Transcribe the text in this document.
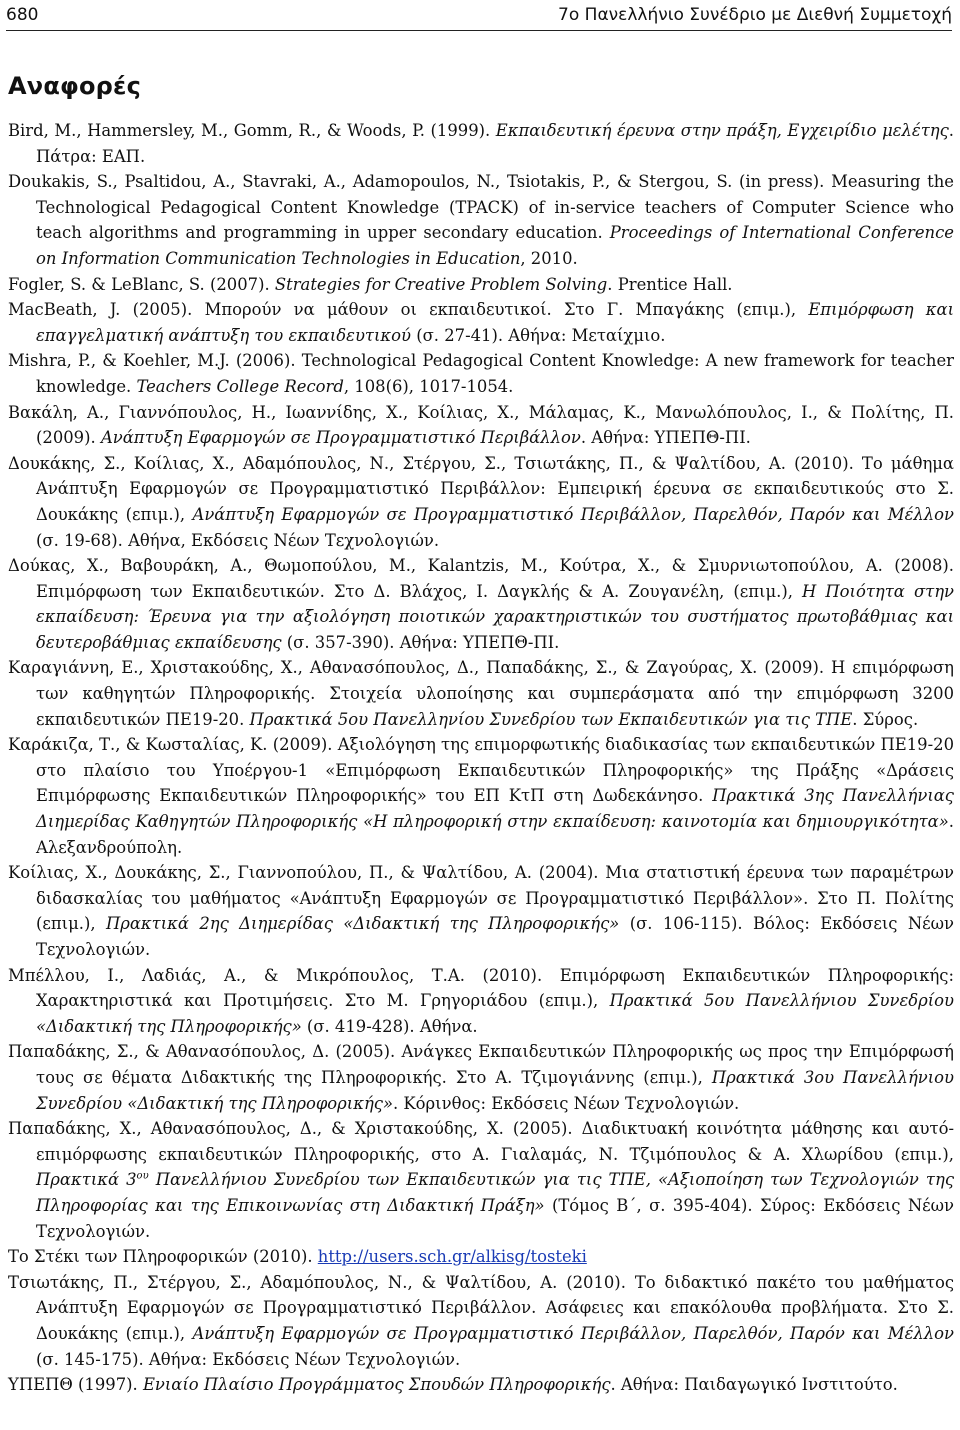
680	7ο Πανελλήνιο Συνέδριο με Διεθνή Συμμετοχή
Αναφορές

Bird, M., Hammersley, M., Gomm, R., & Woods, P. (1999). Εκπαιδευτική έρευνα στην πράξη, Εγχειρίδιο μελέτης. Πάτρα: ΕΑΠ.

Doukakis, S., Psaltidou, A., Stavraki, A., Adamopoulos, N., Tsiotakis, P., & Stergou, S. (in press). Measuring the Technological Pedagogical Content Knowledge (TPACK) of in-service teachers of Computer Science who teach algorithms and programming in upper secondary education. Proceedings of International Conference on Information Communication Technologies in Education, 2010.

Fogler, S. & LeBlanc, S. (2007). Strategies for Creative Problem Solving. Prentice Hall.

MacBeath, J. (2005). Μπορούν να μάθουν οι εκπαιδευτικοί. Στο Γ. Μπαγάκης (επιμ.), Επιμόρφωση και επαγγελματική ανάπτυξη του εκπαιδευτικού (σ. 27-41). Αθήνα: Μεταίχμιο.

Mishra, P., & Koehler, M.J. (2006). Technological Pedagogical Content Knowledge: A new framework for teacher knowledge. Teachers College Record, 108(6), 1017-1054.

Βακάλη, Α., Γιαννόπουλος, Η., Ιωαννίδης, Χ., Κοίλιας, Χ., Μάλαμας, Κ., Μανωλόπουλος, Ι., & Πολίτης, Π. (2009). Ανάπτυξη Εφαρμογών σε Προγραμματιστικό Περιβάλλον. Αθήνα: ΥΠΕΠΘ-ΠΙ.

Δουκάκης, Σ., Κοίλιας, Χ., Αδαμόπουλος, Ν., Στέργου, Σ., Τσιωτάκης, Π., & Ψαλτίδου, Α. (2010). Το μάθημα Ανάπτυξη Εφαρμογών σε Προγραμματιστικό Περιβάλλον: Εμπειρική έρευνα σε εκπαιδευτικούς στο Σ. Δουκάκης (επιμ.), Ανάπτυξη Εφαρμογών σε Προγραμματιστικό Περιβάλλον, Παρελθόν, Παρόν και Μέλλον (σ. 19-68). Αθήνα, Εκδόσεις Νέων Τεχνολογιών.

Δούκας, Χ., Βαβουράκη, Α., Θωμοπούλου, Μ., Kalantzis, M., Κούτρα, Χ., & Σμυρνιωτοπούλου, Α. (2008). Επιμόρφωση των Εκπαιδευτικών. Στο Δ. Βλάχος, Ι. Δαγκλής & Α. Ζουγανέλη, (επιμ.), Η Ποιότητα στην εκπαίδευση: Έρευνα για την αξιολόγηση ποιοτικών χαρακτηριστικών του συστήματος πρωτοβάθμιας και δευτεροβάθμιας εκπαίδευσης (σ. 357-390). Αθήνα: ΥΠΕΠΘ-ΠΙ.

Καραγιάννη, Ε., Χριστακούδης, Χ., Αθανασόπουλος, Δ., Παπαδάκης, Σ., & Ζαγούρας, Χ. (2009). Η επιμόρφωση των καθηγητών Πληροφορικής. Στοιχεία υλοποίησης και συμπεράσματα από την επιμόρφωση 3200 εκπαιδευτικών ΠΕ19-20. Πρακτικά 5ου Πανελληνίου Συνεδρίου των Εκπαιδευτικών για τις ΤΠΕ. Σύρος.

Καράκιζα, Τ., & Κωσταλίας, Κ. (2009). Αξιολόγηση της επιμορφωτικής διαδικασίας των εκπαιδευτικών ΠΕ19-20 στο πλαίσιο του Υποέργου-1 «Επιμόρφωση Εκπαιδευτικών Πληροφορικής» της Πράξης «Δράσεις Επιμόρφωσης Εκπαιδευτικών Πληροφορικής» του ΕΠ ΚτΠ στη Δωδεκάνησο. Πρακτικά 3ης Πανελλήνιας Διημερίδας Καθηγητών Πληροφορικής «Η πληροφορική στην εκπαίδευση: καινοτομία και δημιουργικότητα». Αλεξανδρούπολη.

Κοίλιας, Χ., Δουκάκης, Σ., Γιαννοπούλου, Π., & Ψαλτίδου, Α. (2004). Μια στατιστική έρευνα των παραμέτρων διδασκαλίας του μαθήματος «Ανάπτυξη Εφαρμογών σε Προγραμματιστικό Περιβάλλον». Στο Π. Πολίτης (επιμ.), Πρακτικά 2ης Διημερίδας «Διδακτική της Πληροφορικής» (σ. 106-115). Βόλος: Εκδόσεις Νέων Τεχνολογιών.

Μπέλλου, Ι., Λαδιάς, Α., & Μικρόπουλος, Τ.Α. (2010). Επιμόρφωση Εκπαιδευτικών Πληροφορικής: Χαρακτηριστικά και Προτιμήσεις. Στο Μ. Γρηγοριάδου (επιμ.), Πρακτικά 5ου Πανελλήνιου Συνεδρίου «Διδακτική της Πληροφορικής» (σ. 419-428). Αθήνα.

Παπαδάκης, Σ., & Αθανασόπουλος, Δ. (2005). Ανάγκες Εκπαιδευτικών Πληροφορικής ως προς την Επιμόρφωσή τους σε θέματα Διδακτικής της Πληροφορικής. Στο Α. Τζιμογιάννης (επιμ.), Πρακτικά 3ου Πανελλήνιου Συνεδρίου «Διδακτική της Πληροφορικής». Κόρινθος: Εκδόσεις Νέων Τεχνολογιών.

Παπαδάκης, Χ., Αθανασόπουλος, Δ., & Χριστακούδης, Χ. (2005). Διαδικτυακή κοινότητα μάθησης και αυτό-επιμόρφωσης εκπαιδευτικών Πληροφορικής, στο Α. Γιαλαμάς, Ν. Τζιμόπουλος & Α. Χλωρίδου (επιμ.), Πρακτικά $3^{o\upsilon}$ Πανελλήνιου Συνεδρίου των Εκπαιδευτικών για τις ΤΠΕ, «Αξιοποίηση των Τεχνολογιών της Πληροφορίας και της Επικοινωνίας στη Διδακτική Πράξη» (Τόμος Β΄, σ. 395-404). Σύρος: Εκδόσεις Νέων Τεχνολογιών.

Το Στέκι των Πληροφορικών (2010). http://users.sch.gr/alkisg/tosteki

Τσιωτάκης, Π., Στέργου, Σ., Αδαμόπουλος, Ν., & Ψαλτίδου, Α. (2010). Το διδακτικό πακέτο του μαθήματος Ανάπτυξη Εφαρμογών σε Προγραμματιστικό Περιβάλλον. Ασάφειες και επακόλουθα προβλήματα. Στο Σ. Δουκάκης (επιμ.), Ανάπτυξη Εφαρμογών σε Προγραμματιστικό Περιβάλλον, Παρελθόν, Παρόν και Μέλλον (σ. 145-175). Αθήνα: Εκδόσεις Νέων Τεχνολογιών.

ΥΠΕΠΘ (1997). Ενιαίο Πλαίσιο Προγράμματος Σπουδών Πληροφορικής. Αθήνα: Παιδαγωγικό Ινστιτούτο.
